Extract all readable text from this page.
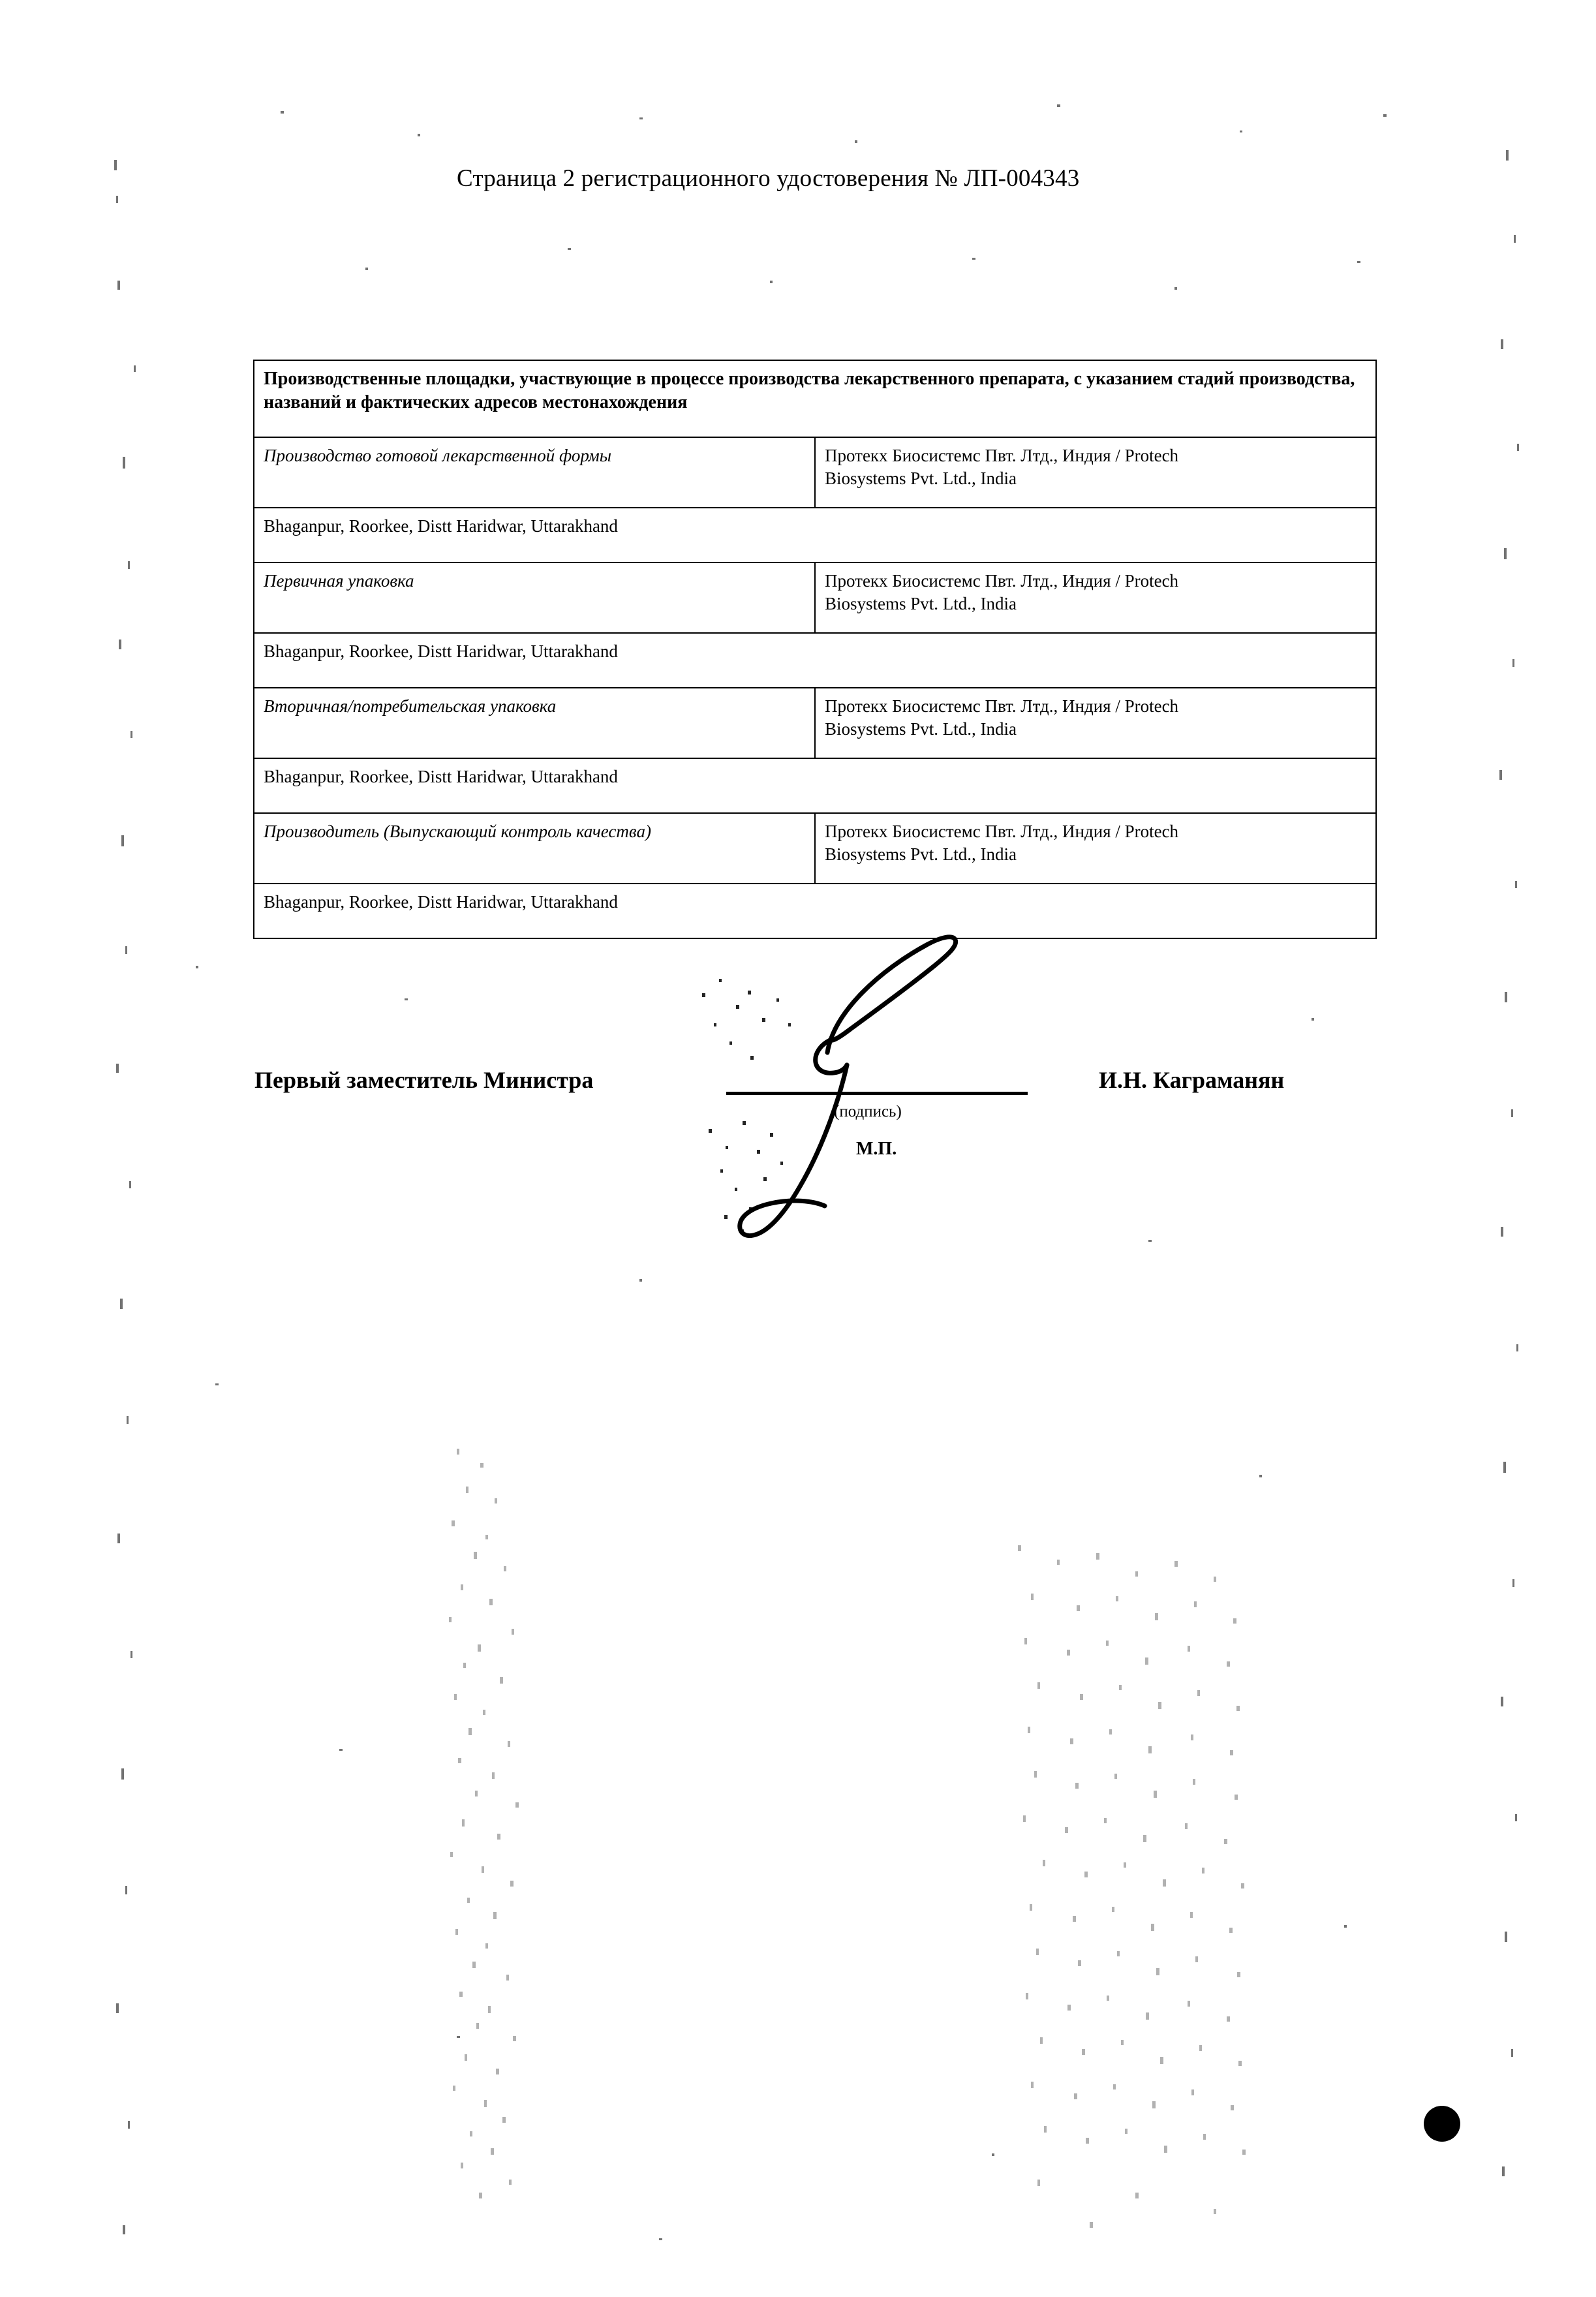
Страница 2 регистрационного удостоверения № ЛП-004343
Производственные площадки, участвующие в процессе производства лекарственного препарата, с указанием стадий производства, названий и фактических адресов местонахождения	
Производство готовой лекарственной формы	Протекх Биосистемс Пвт. Лтд., Индия / Protech
Biosystems Pvt. Ltd., India

Bhaganpur, Roorkee, Distt Haridwar, Uttarakhand	
Первичная упаковка	Протекх Биосистемс Пвт. Лтд., Индия / Protech
Biosystems Pvt. Ltd., India

Bhaganpur, Roorkee, Distt Haridwar, Uttarakhand	
Вторичная/потребительская упаковка	Протекх Биосистемс Пвт. Лтд., Индия / Protech
Biosystems Pvt. Ltd., India

Bhaganpur, Roorkee, Distt Haridwar, Uttarakhand	
Производитель (Выпускающий контроль качества)	Протекх Биосистемс Пвт. Лтд., Индия / Protech
Biosystems Pvt. Ltd., India

Bhaganpur, Roorkee, Distt Haridwar, Uttarakhand	
Первый заместитель Министра
(подпись)
М.П.
И.Н. Каграманян
